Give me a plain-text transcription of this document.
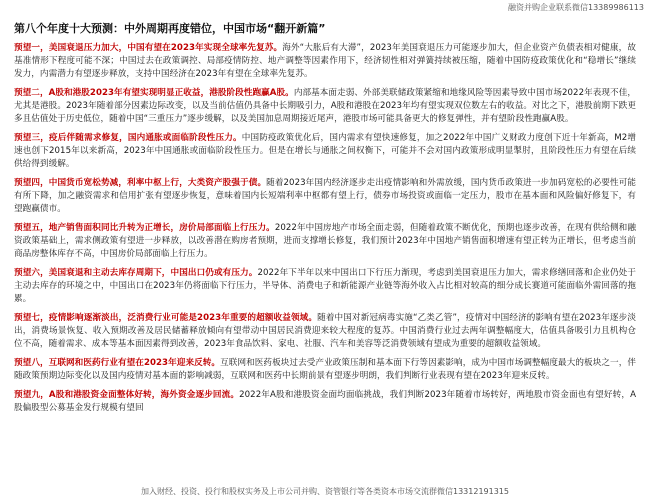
融资并购企业联系微信13389986113
第八个年度十大预测：中外周期再度错位，中国市场“翻开新篇”

预望一，美国衰退压力加大，中国有望在2023年实现全球率先复苏。海外“大胀后有大滞”，2023年美国衰退压力可能逐步加大，但企业资产负债表相对健康，故基准情形下程度可能不深；中国过去在政策调控、局部疫情防控、地产调整等因素作用下，经济韧性相对弹簧持续被压缩，随着中国防疫政策优化和“稳增长”继续发力，内需潜力有望逐步释放，支持中国经济在2023年有望在全球率先复苏。

预望二，A股和港股2023年有望实现明显正收益，港股阶段性跑赢A股。内部基本面走弱、外部美联储政策紧缩和地缘风险等因素导致中国市场2022年表现不佳，尤其是港股。2023年随着部分因素边际改变，以及当前估值仍具备中长期吸引力，A股和港股在2023年均有望实现双位数左右的收益。对比之下，港股前期下跌更多且估值处于历史低位，随着中国“三重压力”逐步缓解，以及美国加息周期接近尾声，港股市场可能具备更大的修复弹性，并有望阶段性跑赢A股。

预望三，疫后伴随需求修复，国内通胀或面临阶段性压力。中国防疫政策优化后，国内需求有望快速修复，加之2022年中国广义财政力度创下近十年新高，M2增速也创下2015年以来新高，2023年中国通胀或面临阶段性压力。但是在增长与通胀之间权衡下，可能并不会对国内政策形成明显掣肘，且阶段性压力有望在后续供给得到缓解。

预望四，中国货币宽松势减，利率中枢上行，大类资产股强于债。随着2023年国内经济逐步走出疫情影响和外需放缓，国内货币政策进一步加码宽松的必要性可能有所下降，加之融资需求和信用扩张有望逐步恢复，意味着国内长短端利率中枢都有望上行，债券市场投资或面临一定压力，股市在基本面和风险偏好修复下，有望跑赢债市。

预望五，地产销售面积同比升转为正增长，房价局部面临上行压力。2022年中国房地产市场全面走弱，但随着政策不断优化，预期也逐步改善，在现有供给侧和融资政策基础上，需求侧政策有望进一步释放，以改善潜在购房者预期，进而支撑增长修复，我们预计2023年中国地产销售面积增速有望正转为正增长，但考虑当前商品房整体库存不高，中国房价局部面临上行压力。

预望六，美国衰退和主动去库存周期下，中国出口仍或有压力。2022年下半年以来中国出口下行压力渐现，考虑到美国衰退压力加大，需求修缮回落和企业仍处于主动去库存的环境之中，中国出口在2023年仍将面临下行压力，半导体、消费电子和新能源产业链等海外收入占比相对较高的细分成长赛道可能面临外需回落的拖累。

预望七，疫情影响逐渐淡出，泛消费行业可能是2023年重要的超额收益领域。随着中国对新冠病毒实施“乙类乙管”，疫情对中国经济的影响有望在2023年逐步淡出，消费场景恢复、收入预期改善及居民储蓄释放倾向有望带动中国居民消费迎来较大程度的复苏。中国消费行业过去两年调整幅度大，估值具备吸引力且机构仓位不高，随着需求、成本等基本面因素得到改善，2023年食品饮料、家电、社服、汽车和美容等泛消费领域有望成为重要的超额收益领域。

预望八，互联网和医药行业有望在2023年迎来反转。互联网和医药板块过去受产业政策压制和基本面下行等因素影响，成为中国市场调整幅度最大的板块之一，伴随政策预期边际变化以及国内疫情对基本面的影响减弱，互联网和医药中长期前景有望逐步明朗，我们判断行业表现有望在2023年迎来反转。

预望九，A股和港股资金面整体好转，海外资金逐步回流。2022年A股和港股资金面均面临挑战，我们判断2023年随着市场转好，两地股市资金面也有望好转，A股偏股型公募基金发行规模有望回

加入财经、投资、投行和股权实务及上市公司并购、资管银行等各类资本市场交流群微信13312191315
